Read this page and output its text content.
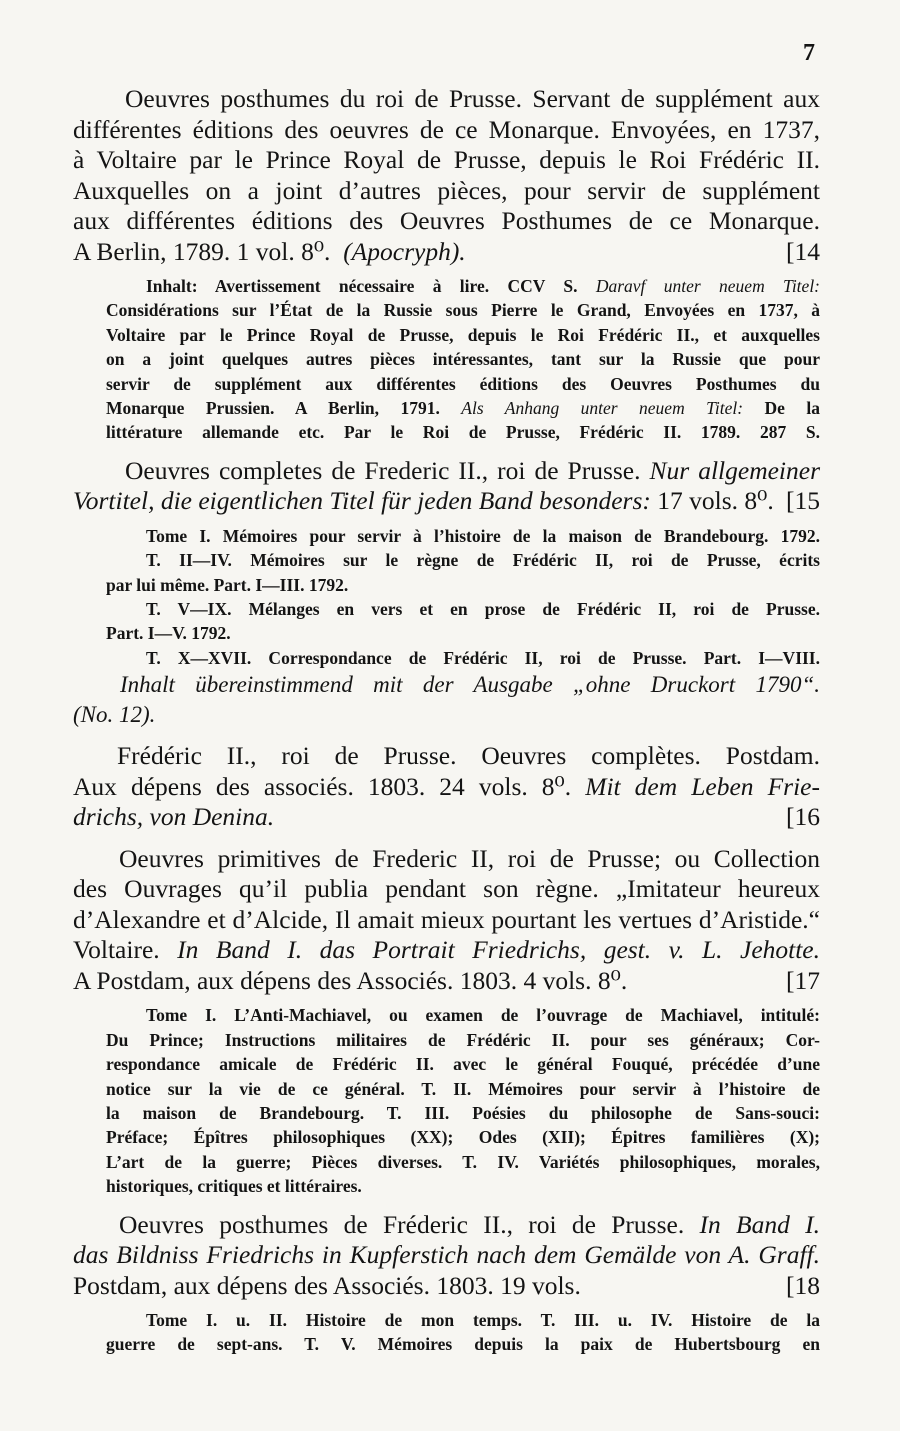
7

Oeuvres posthumes du roi de Prusse. Servant de supplément aux

différentes éditions des oeuvres de ce Monarque. Envoyées, en 1737,

à Voltaire par le Prince Royal de Prusse, depuis le Roi Frédéric II.

Auxquelles on a joint d’autres pièces, pour servir de supplément

aux différentes éditions des Oeuvres Posthumes de ce Monarque.

A Berlin, 1789. 1 vol. 8⁰. (Apocryph).	[14

Inhalt: Avertissement nécessaire à lire. CCV S. Daravf unter neuem Titel:

Considérations sur l’État de la Russie sous Pierre le Grand, Envoyées en 1737, à

Voltaire par le Prince Royal de Prusse, depuis le Roi Frédéric II., et auxquelles

on a joint quelques autres pièces intéressantes, tant sur la Russie que pour

servir de supplément aux différentes éditions des Oeuvres Posthumes du

Monarque Prussien. A Berlin, 1791. Als Anhang unter neuem Titel: De la

littérature allemande etc. Par le Roi de Prusse, Frédéric II. 1789. 287 S.

Oeuvres completes de Frederic II., roi de Prusse. Nur allgemeiner

Vortitel, die eigentlichen Titel für jeden Band besonders: 17 vols. 8⁰. [15

Tome I. Mémoires pour servir à l’histoire de la maison de Brandebourg. 1792.

T. II—IV. Mémoires sur le règne de Frédéric II, roi de Prusse, écrits

par lui même. Part. I—III. 1792.

T. V—IX. Mélanges en vers et en prose de Frédéric II, roi de Prusse.

Part. I—V. 1792.

T. X—XVII. Correspondance de Frédéric II, roi de Prusse. Part. I—VIII.

Inhalt übereinstimmend mit der Ausgabe „ohne Druckort 1790“.

(No. 12).

Frédéric II., roi de Prusse. Oeuvres complètes. Postdam.

Aux dépens des associés. 1803. 24 vols. 8⁰. Mit dem Leben Frie-

drichs, von Denina.	[16

Oeuvres primitives de Frederic II, roi de Prusse; ou Collection

des Ouvrages qu’il publia pendant son règne. „Imitateur heureux

d’Alexandre et d’Alcide, Il amait mieux pourtant les vertues d’Aristide.“

Voltaire. In Band I. das Portrait Friedrichs, gest. v. L. Jehotte.

A Postdam, aux dépens des Associés. 1803. 4 vols. 8⁰.	[17

Tome I. L’Anti-Machiavel, ou examen de l’ouvrage de Machiavel, intitulé:

Du Prince; Instructions militaires de Frédéric II. pour ses généraux; Cor-

respondance amicale de Frédéric II. avec le général Fouqué, précédée d’une

notice sur la vie de ce général. T. II. Mémoires pour servir à l’histoire de

la maison de Brandebourg. T. III. Poésies du philosophe de Sans-souci:

Préface; Épîtres philosophiques (XX); Odes (XII); Épitres familières (X);

L’art de la guerre; Pièces diverses. T. IV. Variétés philosophiques, morales,

historiques, critiques et littéraires.

Oeuvres posthumes de Fréderic II., roi de Prusse. In Band I.

das Bildniss Friedrichs in Kupferstich nach dem Gemälde von A. Graff.

Postdam, aux dépens des Associés. 1803. 19 vols.	[18

Tome I. u. II. Histoire de mon temps. T. III. u. IV. Histoire de la

guerre de sept-ans. T. V. Mémoires depuis la paix de Hubertsbourg en
